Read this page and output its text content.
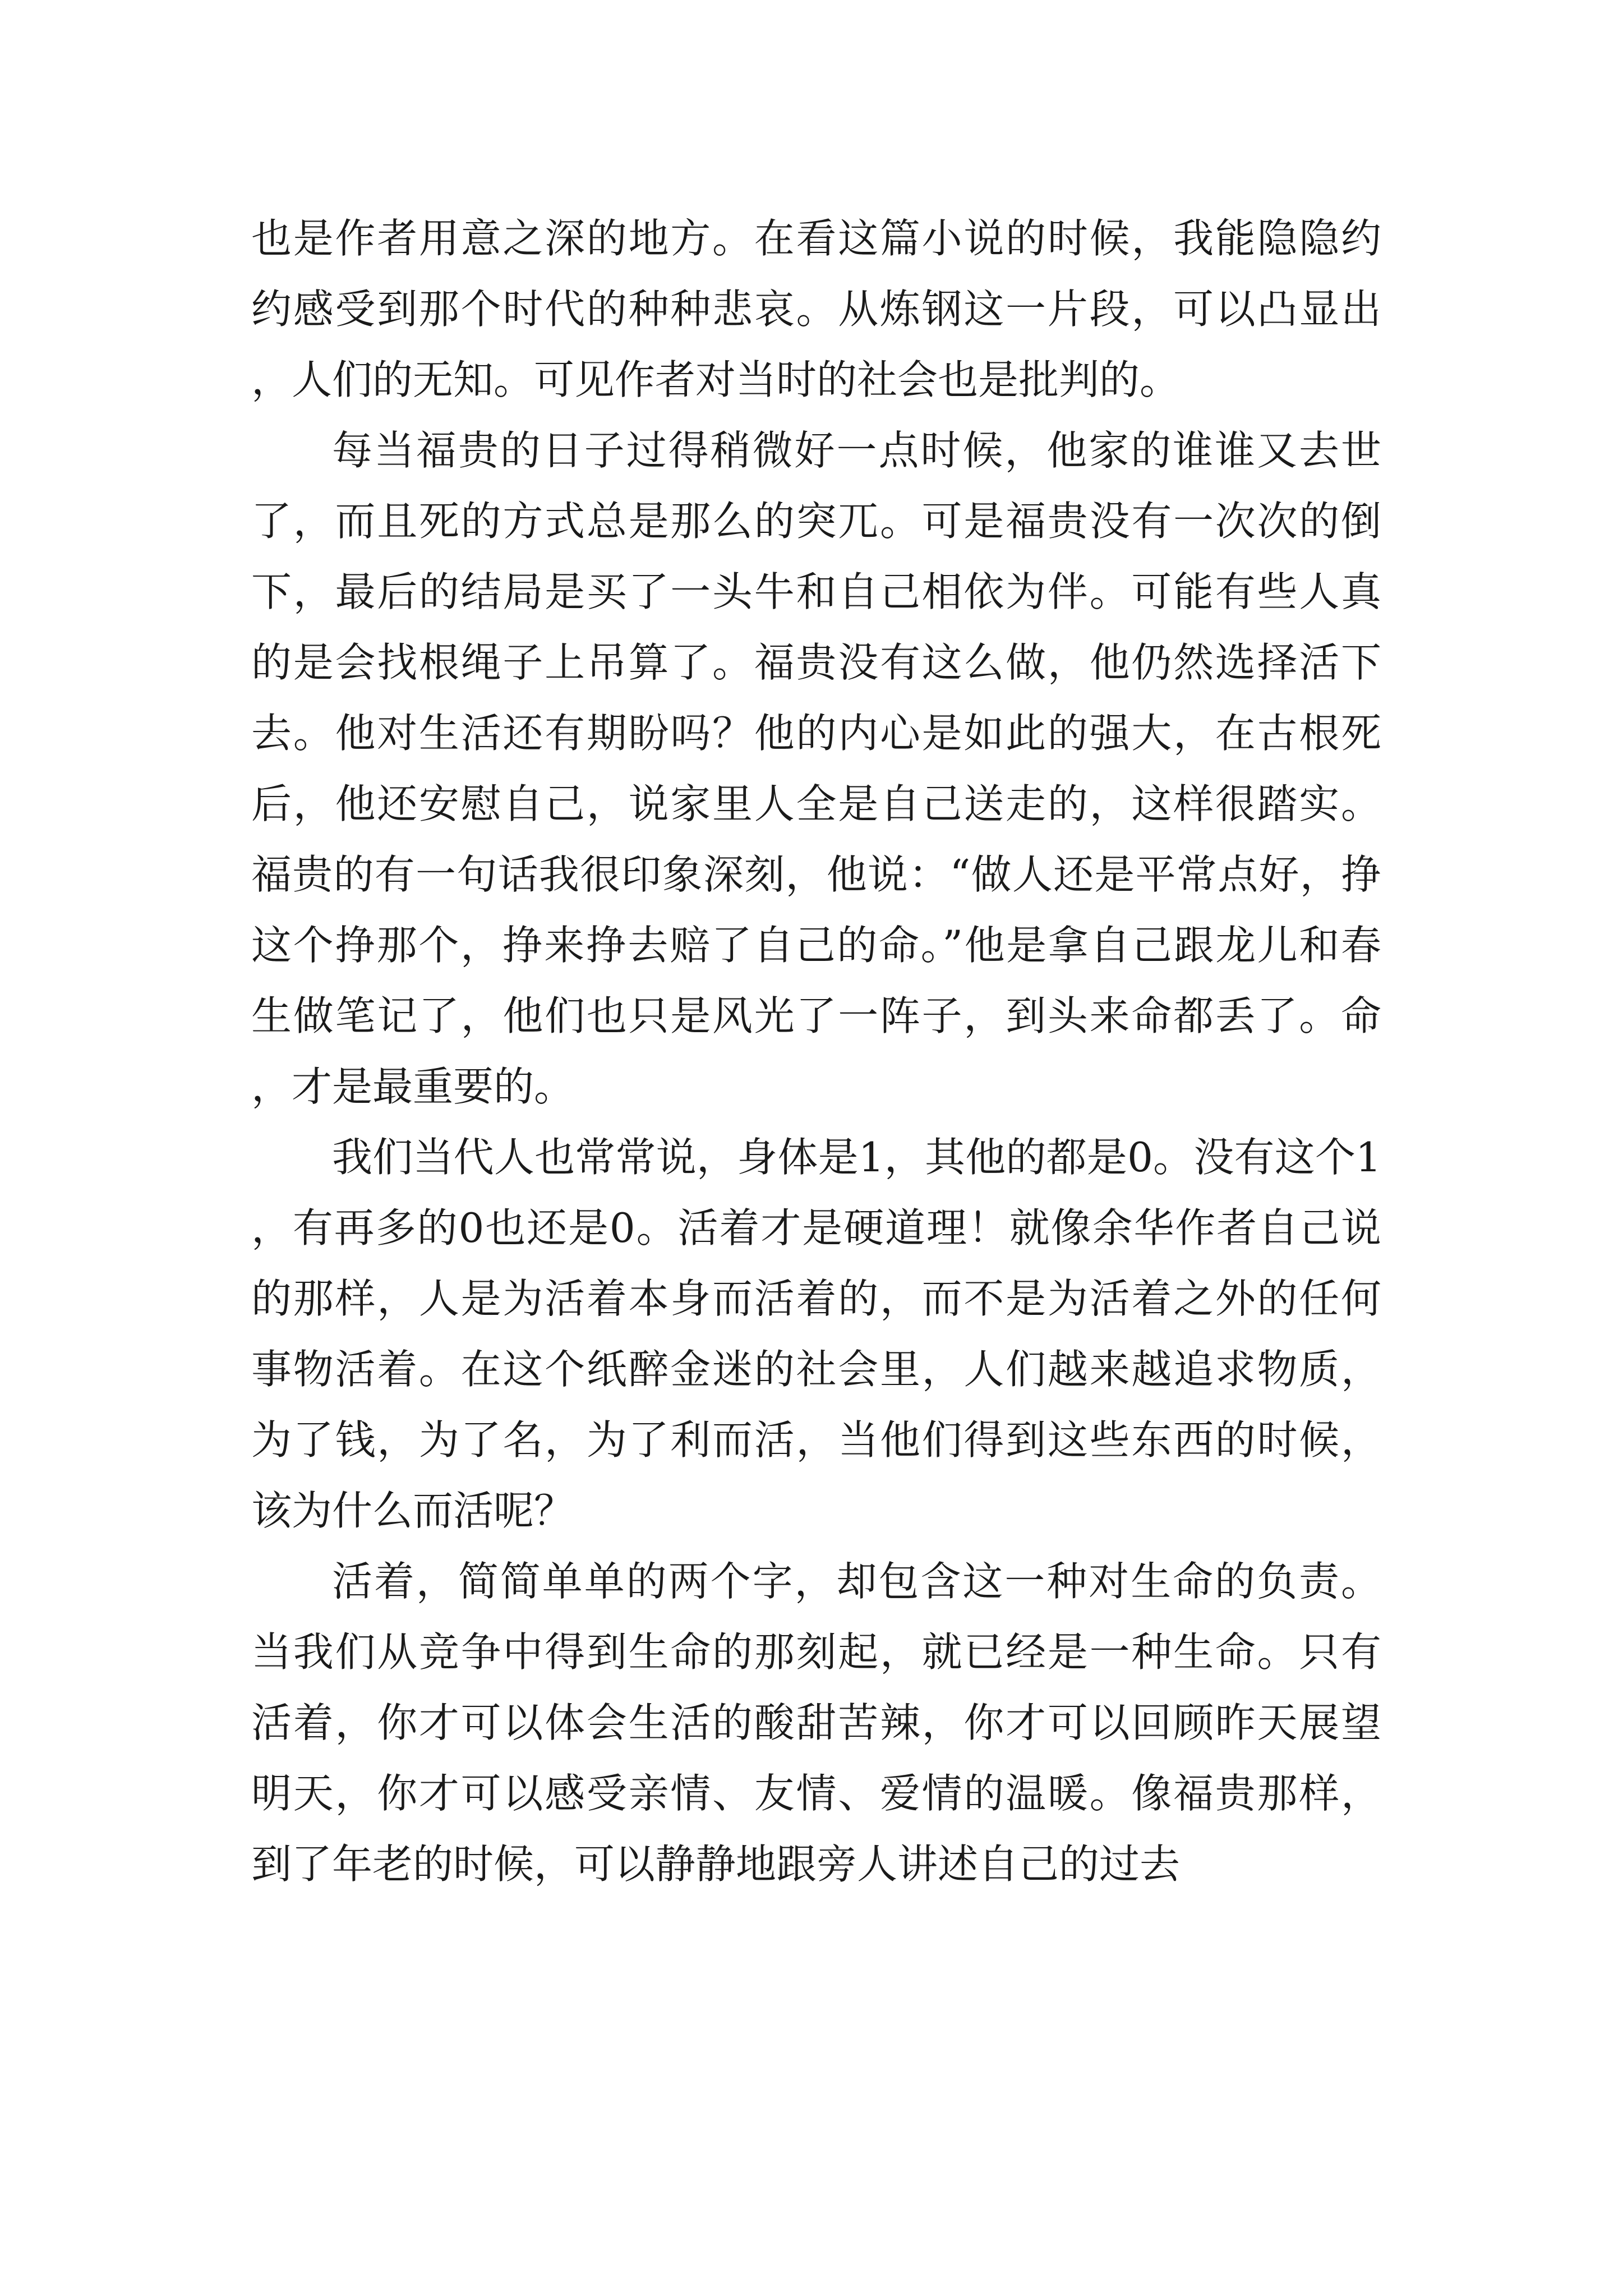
也是作者用意之深的地方。在看这篇小说的时候，我能隐隐约约感受到那个时代的种种悲哀。从炼钢这一片段，可以凸显出，人们的无知。可见作者对当时的社会也是批判的。

每当福贵的日子过得稍微好一点时候，他家的谁谁又去世了，而且死的方式总是那么的突兀。可是福贵没有一次次的倒下，最后的结局是买了一头牛和自己相依为伴。可能有些人真的是会找根绳子上吊算了。福贵没有这么做，他仍然选择活下去。他对生活还有期盼吗？他的内心是如此的强大，在古根死后，他还安慰自己，说家里人全是自己送走的，这样很踏实。福贵的有一句话我很印象深刻，他说：“做人还是平常点好，挣这个挣那个，挣来挣去赔了自己的命。”他是拿自己跟龙儿和春生做笔记了，他们也只是风光了一阵子，到头来命都丢了。命，才是最重要的。

我们当代人也常常说，身体是1，其他的都是0。没有这个1，有再多的0也还是0。活着才是硬道理！就像余华作者自己说的那样，人是为活着本身而活着的，而不是为活着之外的任何事物活着。在这个纸醉金迷的社会里，人们越来越追求物质，为了钱，为了名，为了利而活，当他们得到这些东西的时候，该为什么而活呢？

活着，简简单单的两个字，却包含这一种对生命的负责。当我们从竞争中得到生命的那刻起，就已经是一种生命。只有活着，你才可以体会生活的酸甜苦辣，你才可以回顾昨天展望明天，你才可以感受亲情、友情、爱情的温暖。像福贵那样，到了年老的时候，可以静静地跟旁人讲述自己的过去
